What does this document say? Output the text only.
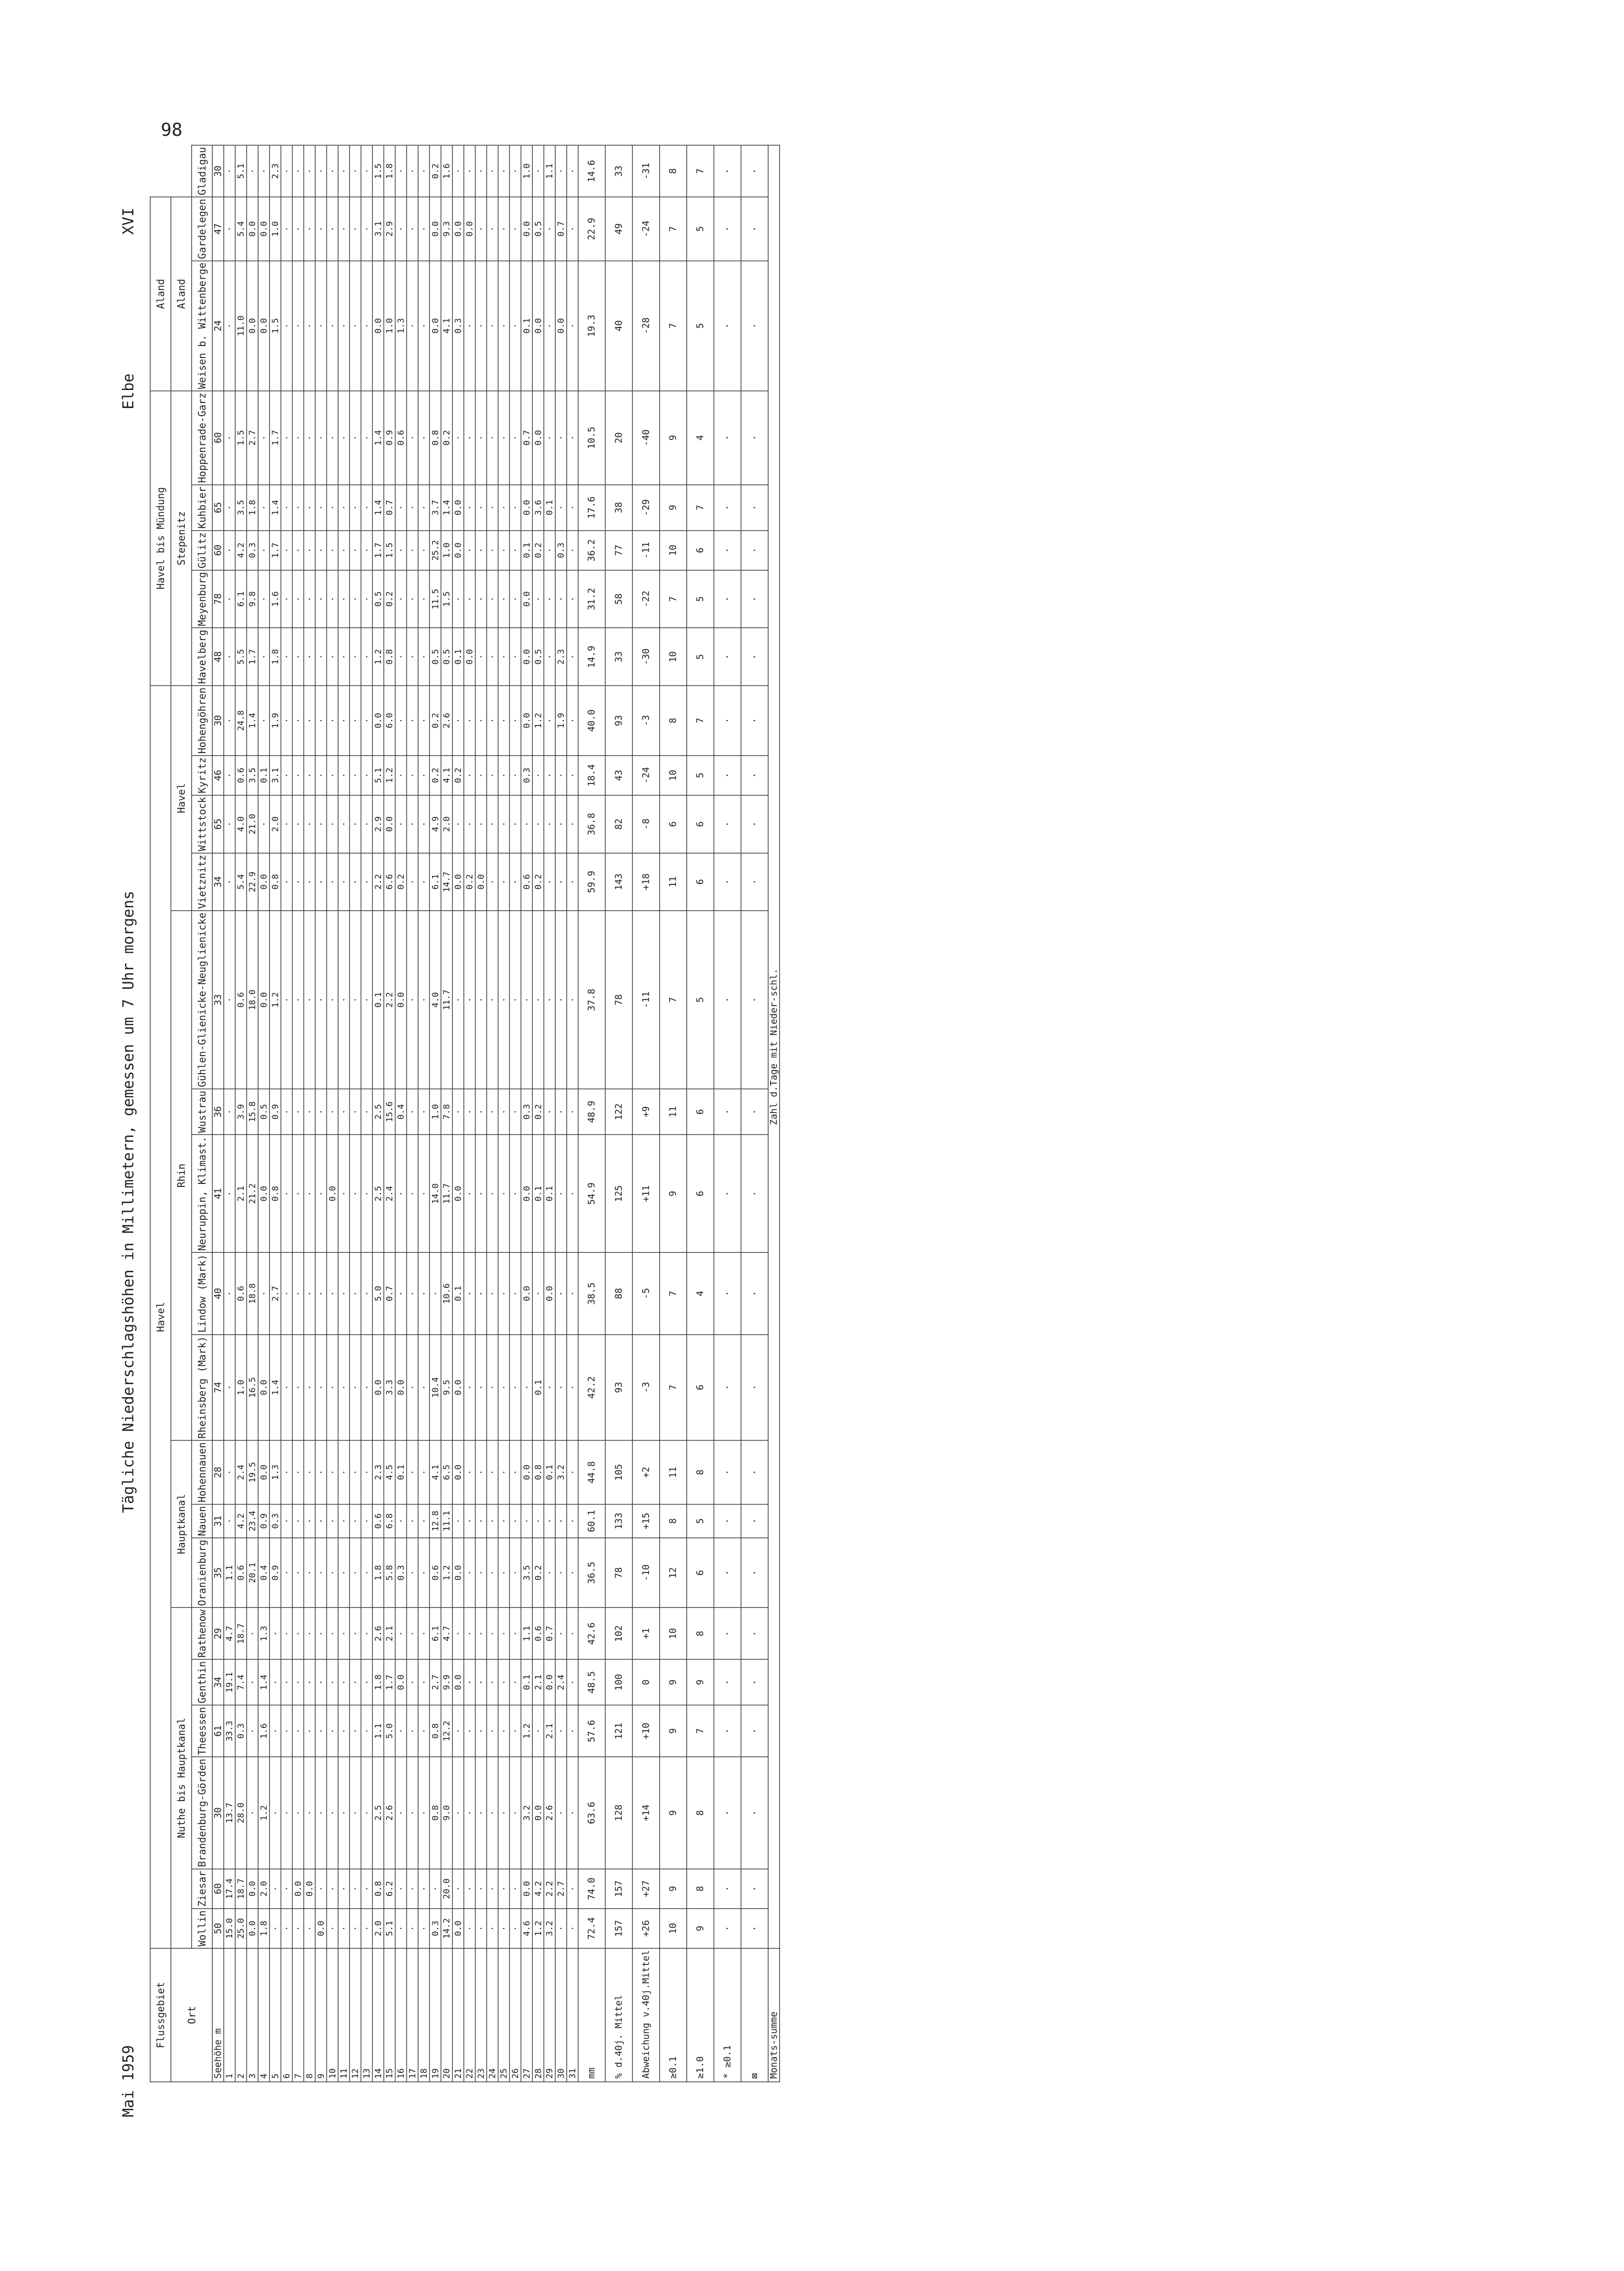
98
Mai 1959
Tägliche Niederschlagshöhen in Millimetern, gemessen um 7 Uhr morgens
Elbe
XVI
Flussgebiet	Havel																		Havel bis Mündung					Aland		
Ort	Nuthe bis Hauptkanal						Hauptkanal			Rhin					Havel				Stepenitz					Aland		
	Wollin	Ziesar	Brandenburg-Görden	Theessen	Genthin	Rathenow	Oranienburg	Nauen	Hohennauen	Rheinsberg (Mark)	Lindow (Mark)	Neuruppin, Klimast.	Wustrau	Gühlen-Glienicke-Neuglienicke	Vietznitz	Wittstock	Kyritz	Hohengöhren	Havelberg	Meyenburg	Gülitz	Kuhbier	Hoppenrade-Garz	Weisen b. Wittenberge	Gardelegen	Gladigau
Seehöhe m	50	60	30	61	34	29	35	31	28	74	40	41	36	33	34	65	46	30	48	78	60	65	60	24	47	30
1	15.0	17.4	13.7	33.3	19.1	4.7	1.1	·	·	·	·	·	·	·	·	·	·	·	·	·	·	·	·	·	·	·
2	25.0	18.7	28.0	0.3	7.4	18.7	0.6	4.2	2.4	1.0	0.6	2.1	3.9	0.6	5.4	4.0	0.6	24.8	5.5	6.1	4.2	3.5	1.5	11.0	5.4	5.1
3	0.0	0.0	·	·	·	·	20.1	23.4	19.5	16.5	18.8	21.2	15.8	18.0	22.9	21.0	3.5	1.4	1.7	9.8	0.3	1.8	2.7	0.0	0.0	·
4	1.8	2.0	1.2	1.6	1.4	1.3	0.4	0.9	0.0	0.0	·	0.0	0.5	0.0	0.0	·	0.1	·	·	·	·	·	·	0.0	0.0	·
5	·	·	·	·	·	·	0.9	0.3	1.3	1.4	2.7	0.8	0.9	1.2	0.8	2.0	3.1	1.9	1.8	1.6	1.7	1.4	1.7	1.5	1.0	2.3
6	·	·	·	·	·	·	·	·	·	·	·	·	·	·	·	·	·	·	·	·	·	·	·	·	·	·
7	·	0.0	·	·	·	·	·	·	·	·	·	·	·	·	·	·	·	·	·	·	·	·	·	·	·	·
8	·	0.0	·	·	·	·	·	·	·	·	·	·	·	·	·	·	·	·	·	·	·	·	·	·	·	·
9	0.0	·	·	·	·	·	·	·	·	·	·	·	·	·	·	·	·	·	·	·	·	·	·	·	·	·
10	·	·	·	·	·	·	·	·	·	·	·	0.0	·	·	·	·	·	·	·	·	·	·	·	·	·	·
11	·	·	·	·	·	·	·	·	·	·	·	·	·	·	·	·	·	·	·	·	·	·	·	·	·	·
12	·	·	·	·	·	·	·	·	·	·	·	·	·	·	·	·	·	·	·	·	·	·	·	·	·	·
13	·	·	·	·	·	·	·	·	·	·	·	·	·	·	·	·	·	·	·	·	·	·	·	·	·	·
14	2.0	0.8	2.5	1.1	1.8	2.6	1.8	0.6	2.3	0.0	5.0	2.5	2.5	0.1	2.2	2.9	5.1	0.0	1.2	0.5	1.7	1.4	1.4	0.0	3.1	1.5
15	5.1	6.2	2.6	5.0	1.7	2.1	5.8	6.8	4.5	3.3	0.7	2.4	15.6	2.2	6.6	0.0	1.2	6.0	0.8	0.2	1.5	0.7	0.9	1.0	2.9	1.8
16	·	·	·	·	0.0	·	0.3	·	0.1	0.0	·	·	0.4	0.0	0.2	·	·	·	·	·	·	·	0.6	1.3	·	·
17	·	·	·	·	·	·	·	·	·	·	·	·	·	·	·	·	·	·	·	·	·	·	·	·	·	·
18	·	·	·	·	·	·	·	·	·	·	·	·	·	·	·	·	·	·	·	·	·	·	·	·	·	·
19	0.3	·	0.8	0.8	2.7	6.1	0.6	12.8	4.1	10.4	·	14.0	1.0	4.0	6.1	4.9	0.2	0.2	0.5	11.5	25.2	3.7	0.8	0.0	0.0	0.2
20	14.2	20.0	9.0	12.2	9.9	4.7	1.2	11.1	6.5	9.5	10.6	11.7	7.8	11.7	14.7	2.0	4.1	2.6	0.5	1.5	1.0	1.4	0.2	4.1	9.3	1.6
21	0.0	·	·	·	0.0	·	0.0	·	0.0	0.0	0.1	0.0	·	·	0.0	·	0.2	·	0.1	·	0.0	0.0	·	0.3	0.0	·
22	·	·	·	·	·	·	·	·	·	·	·	·	·	·	0.2	·	·	·	0.0	·	·	·	·	·	0.0	·
23	·	·	·	·	·	·	·	·	·	·	·	·	·	·	0.0	·	·	·	·	·	·	·	·	·	·	·
24	·	·	·	·	·	·	·	·	·	·	·	·	·	·	·	·	·	·	·	·	·	·	·	·	·	·
25	·	·	·	·	·	·	·	·	·	·	·	·	·	·	·	·	·	·	·	·	·	·	·	·	·	·
26	·	·	·	·	·	·	·	·	·	·	·	·	·	·	·	·	·	·	·	·	·	·	·	·	·	·
27	4.6	0.0	3.2	1.2	0.1	1.1	3.5	·	0.0	·	0.0	0.0	0.3	·	0.6	·	0.3	0.0	0.0	0.0	0.1	0.0	0.7	0.1	0.0	1.0
28	1.2	4.2	0.0	·	2.1	0.6	0.2	·	0.8	0.1	·	0.1	0.2	·	0.2	·	·	1.2	0.5	·	0.2	3.6	0.0	0.0	0.5	·
29	3.2	2.2	2.6	2.1	0.0	0.7	·	·	0.1	·	0.0	0.1	·	·	·	·	·	·	·	·	·	0.1	·	·	·	1.1
30	·	2.7	·	·	2.4	·	·	·	3.2	·	·	·	·	·	·	·	·	1.9	2.3	·	0.3	·	·	0.0	0.7	·
31	·	·	·	·	·	·	·	·	·	·	·	·	·	·	·	·	·	·	·	·	·	·	·	·	·	·
mm	72.4	74.0	63.6	57.6	48.5	42.6	36.5	60.1	44.8	42.2	38.5	54.9	48.9	37.8	59.9	36.8	18.4	40.0	14.9	31.2	36.2	17.6	10.5	19.3	22.9	14.6
% d.40j. Mittel	157	157	128	121	100	102	78	133	105	93	88	125	122	78	143	82	43	93	33	58	77	38	20	40	49	33
Abweichung v.40j.Mittel	+26	+27	+14	+10	0	+1	-10	+15	+2	-3	-5	+11	+9	-11	+18	-8	-24	-3	-30	-22	-11	-29	-40	-28	-24	-31
≥0.1	10	9	9	9	9	10	12	8	11	7	7	9	11	7	11	6	10	8	10	7	10	9	9	7	7	8
≥1.0	9	8	8	7	9	8	6	5	8	6	4	6	6	5	6	6	5	7	5	5	6	7	4	5	5	7
* ≥0.1	·	·	·	·	·	·	·	·	·	·	·	·	·	·	·	·	·	·	·	·	·	·	·	·	·	·
⊠	·	·	·	·	·	·	·	·	·	·	·	·	·	·	·	·	·	·	·	·	·	·	·	·	·	·
Monats-summe	Zahl d.Tage mit Nieder-schl.																									
